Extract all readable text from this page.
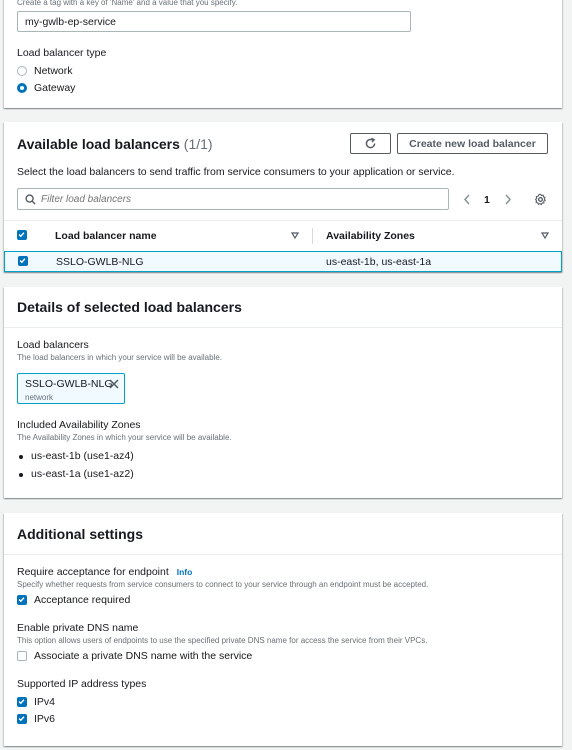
Create a tag with a key of 'Name' and a value that you specify.
my-gwlb-ep-service
Load balancer type
Network
Gateway
Available load balancers (1/1)	Create new load balancer
Select the load balancers to send traffic from service consumers to your application or service.
Filter load balancers
1
Load balancer name	Availability Zones
SSLO-GWLB-NLG	us-east-1b, us-east-1a
Details of selected load balancers
Load balancers
The load balancers in which your service will be available.
SSLO-GWLB-NLG
network
Included Availability Zones
The Availability Zones in which your service will be available.
us-east-1b (use1-az4)
us-east-1a (use1-az2)
Additional settings
Require acceptance for endpoint Info
Specify whether requests from service consumers to connect to your service through an endpoint must be accepted.
Acceptance required
Enable private DNS name
This option allows users of endpoints to use the specified private DNS name for access the service from their VPCs.
Associate a private DNS name with the service
Supported IP address types
IPv4
IPv6
